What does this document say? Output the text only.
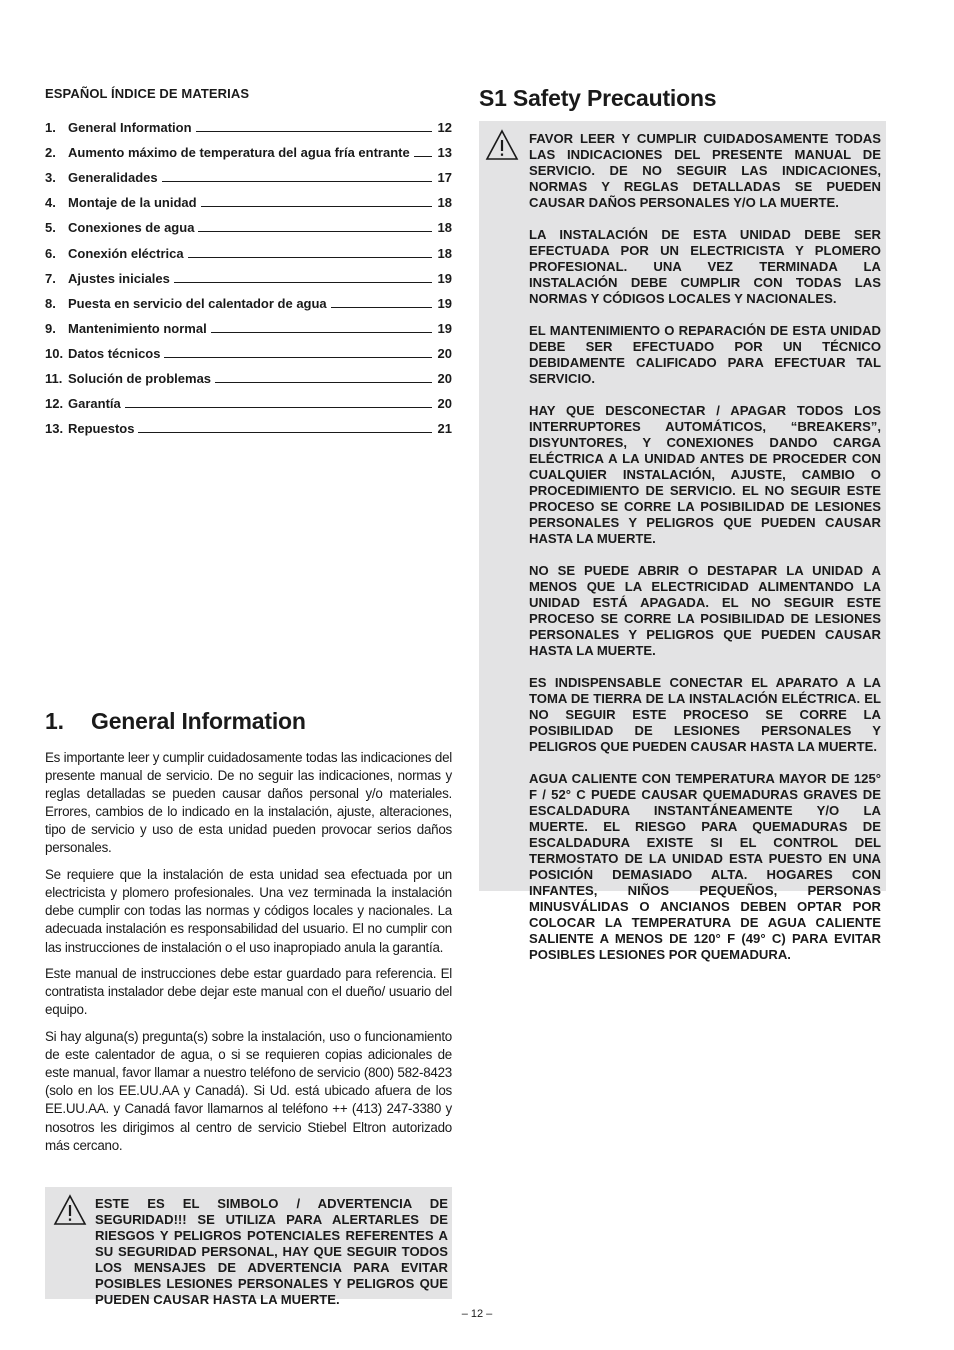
ESPAÑOL ÍNDICE DE MATERIAS
1. General Information	12
2. Aumento máximo de temperatura del agua fría entrante 13
3. Generalidades	17
4. Montaje de la unidad	18
5. Conexiones de agua	18
6. Conexión eléctrica	18
7. Ajustes iniciales	19
8. Puesta en servicio del calentador de agua	19
9. Mantenimiento normal	19
10. Datos técnicos	20
11. Solución de problemas	20
12. Garantía	20
13. Repuestos	21
1. General Information

Es importante leer y cumplir cuidadosamente todas las indicaciones del presente manual de servicio. De no seguir las indicaciones, normas y reglas detalladas se pueden causar daños personal y/o materiales. Errores, cambios de lo indicado en la instalación, ajuste, alteraciones, tipo de servicio y uso de esta unidad pueden provocar serios daños personales.

Se requiere que la instalación de esta unidad sea efectuada por un electricista y plomero profesionales. Una vez terminada la instalación debe cumplir con todas las normas y códigos locales y nacionales. La adecuada instalación es responsabilidad del usuario. El no cumplir con las instrucciones de instalación o el uso inapropiado anula la garantía.

Este manual de instrucciones debe estar guardado para referencia. El contratista instalador debe dejar este manual con el dueño/ usuario del equipo.

Si hay alguna(s) pregunta(s) sobre la instalación, uso o funcionamiento de este calentador de agua, o si se requieren copias adicionales de este manual, favor llamar a nuestro teléfono de servicio (800) 582-8423 (solo en los EE.UU.AA y Canadá). Si Ud. está ubicado afuera de los EE.UU.AA. y Canadá favor llamarnos al teléfono ++ (413) 247-3380 y nosotros les dirigimos al centro de servicio Stiebel Eltron autorizado más cercano.

ESTE ES EL SIMBOLO / ADVERTENCIA DE SEGURIDAD!!! SE UTILIZA PARA ALERTARLES DE RIESGOS Y PELIGROS POTENCIALES REFERENTES A SU SEGURIDAD PERSONAL, HAY QUE SEGUIR TODOS LOS MENSAJES DE ADVERTENCIA PARA EVITAR POSIBLES LESIONES PERSONALES Y PELIGROS QUE PUEDEN CAUSAR HASTA LA MUERTE.

S1 Safety Precautions

FAVOR LEER Y CUMPLIR CUIDADOSAMENTE TODAS LAS INDICACIONES DEL PRESENTE MANUAL DE SERVICIO. DE NO SEGUIR LAS INDICACIONES, NORMAS Y REGLAS DETALLADAS SE PUEDEN CAUSAR DAÑOS PERSONALES Y/O LA MUERTE.

LA INSTALACIÓN DE ESTA UNIDAD DEBE SER EFECTUADA POR UN ELECTRICISTA Y PLOMERO PROFESIONAL. UNA VEZ TERMINADA LA INSTALACIÓN DEBE CUMPLIR CON TODAS LAS NORMAS Y CÓDIGOS LOCALES Y NACIONALES.

EL MANTENIMIENTO O REPARACIÓN DE ESTA UNIDAD DEBE SER EFECTUADO POR UN TÉCNICO DEBIDAMENTE CALIFICADO PARA EFECTUAR TAL SERVICIO.

HAY QUE DESCONECTAR / APAGAR TODOS LOS INTERRUPTORES AUTOMÁTICOS, “BREAKERS”, DISYUNTORES, Y CONEXIONES DANDO CARGA ELÉCTRICA A LA UNIDAD ANTES DE PROCEDER CON CUALQUIER INSTALACIÓN, AJUSTE, CAMBIO O PROCEDIMIENTO DE SERVICIO. EL NO SEGUIR ESTE PROCESO SE CORRE LA POSIBILIDAD DE LESIONES PERSONALES Y PELIGROS QUE PUEDEN CAUSAR HASTA LA MUERTE.

NO SE PUEDE ABRIR O DESTAPAR LA UNIDAD A MENOS QUE LA ELECTRICIDAD ALIMENTANDO LA UNIDAD ESTÁ APAGADA. EL NO SEGUIR ESTE PROCESO SE CORRE LA POSIBILIDAD DE LESIONES PERSONALES Y PELIGROS QUE PUEDEN CAUSAR HASTA LA MUERTE.

ES INDISPENSABLE CONECTAR EL APARATO A LA TOMA DE TIERRA DE LA INSTALACIÓN ELÉCTRICA. EL NO SEGUIR ESTE PROCESO SE CORRE LA POSIBILIDAD DE LESIONES PERSONALES Y PELIGROS QUE PUEDEN CAUSAR HASTA LA MUERTE.

AGUA CALIENTE CON TEMPERATURA MAYOR DE 125° F / 52° C PUEDE CAUSAR QUEMADURAS GRAVES DE ESCALDADURA INSTANTÁNEAMENTE Y/O LA MUERTE. EL RIESGO PARA QUEMADURAS DE ESCALDADURA EXISTE SI EL CONTROL DEL TERMOSTATO DE LA UNIDAD ESTA PUESTO EN UNA POSICIÓN DEMASIADO ALTA. HOGARES CON INFANTES, NIÑOS PEQUEÑOS, PERSONAS MINUSVÁLIDAS O ANCIANOS DEBEN OPTAR POR COLOCAR LA TEMPERATURA DE AGUA CALIENTE SALIENTE A MENOS DE 120° F (49° C) PARA EVITAR POSIBLES LESIONES POR QUEMADURA.

– 12 –
